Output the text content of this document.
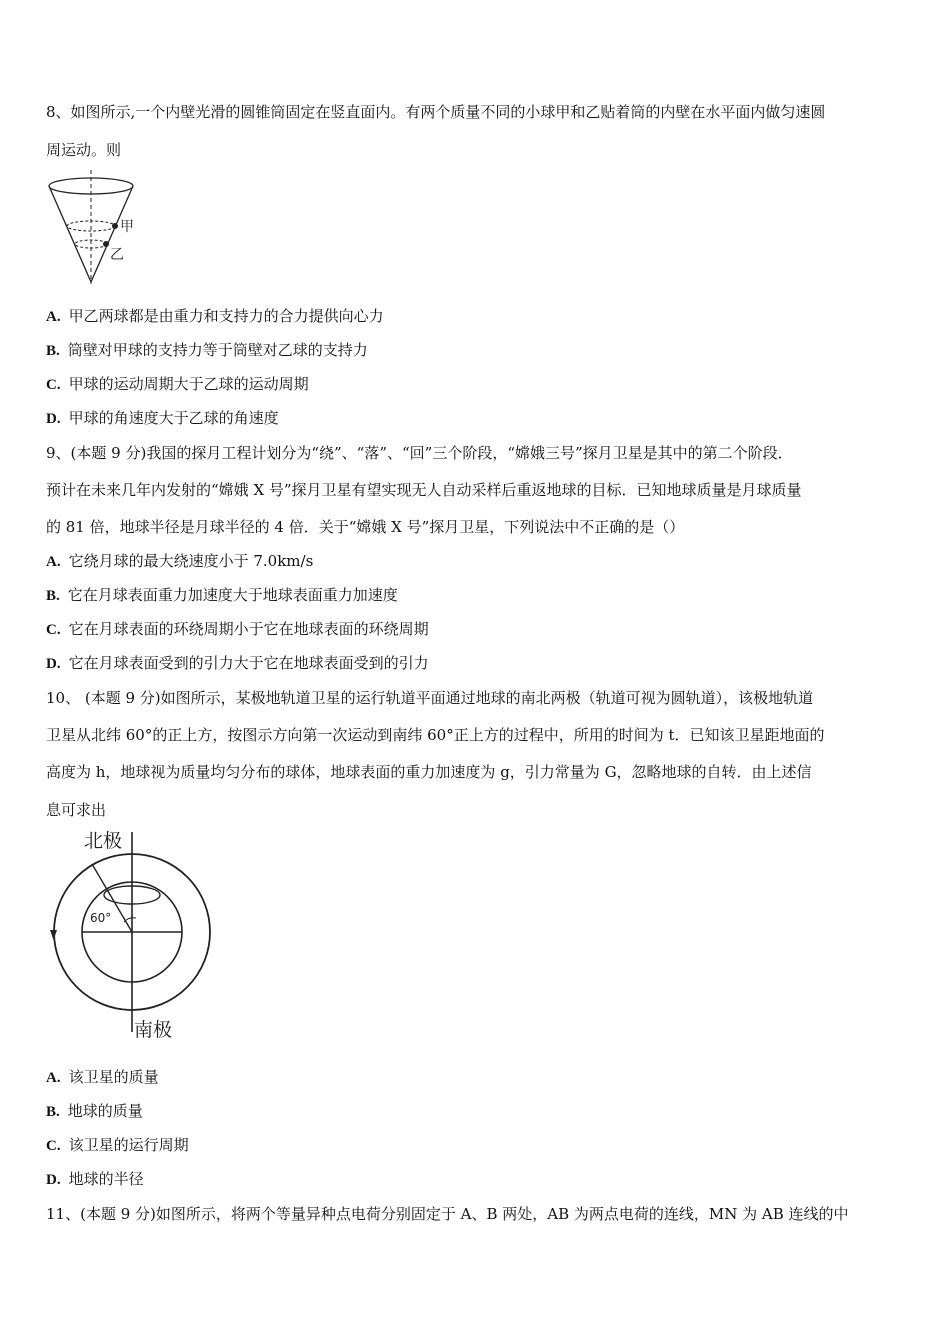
8、如图所示,一个内壁光滑的圆锥筒固定在竖直面内。有两个质量不同的小球甲和乙贴着筒的内壁在水平面内做匀速圆
周运动。则
甲
乙
A. 甲乙两球都是由重力和支持力的合力提供向心力
B. 筒壁对甲球的支持力等于筒壁对乙球的支持力
C. 甲球的运动周期大于乙球的运动周期
D. 甲球的角速度大于乙球的角速度
9、(本题 9 分)我国的探月工程计划分为“绕”、“落”、“回”三个阶段，“嫦娥三号”探月卫星是其中的第二个阶段．
预计在未来几年内发射的“嫦娥 X 号”探月卫星有望实现无人自动采样后重返地球的目标．已知地球质量是月球质量
的 81 倍，地球半径是月球半径的 4 倍．关于“嫦娥 X 号”探月卫星，下列说法中不正确的是（）
A. 它绕月球的最大绕速度小于 7.0km/s
B. 它在月球表面重力加速度大于地球表面重力加速度
C. 它在月球表面的环绕周期小于它在地球表面的环绕周期
D. 它在月球表面受到的引力大于它在地球表面受到的引力
10、 (本题 9 分)如图所示，某极地轨道卫星的运行轨道平面通过地球的南北两极（轨道可视为圆轨道），该极地轨道
卫星从北纬 60°的正上方，按图示方向第一次运动到南纬 60°正上方的过程中，所用的时间为 t．已知该卫星距地面的
高度为 h，地球视为质量均匀分布的球体，地球表面的重力加速度为 g，引力常量为 G，忽略地球的自转．由上述信
息可求出
北极
南极
60°
A. 该卫星的质量
B. 地球的质量
C. 该卫星的运行周期
D. 地球的半径
11、(本题 9 分)如图所示，将两个等量异种点电荷分别固定于 A、B 两处，AB 为两点电荷的连线，MN 为 AB 连线的中
